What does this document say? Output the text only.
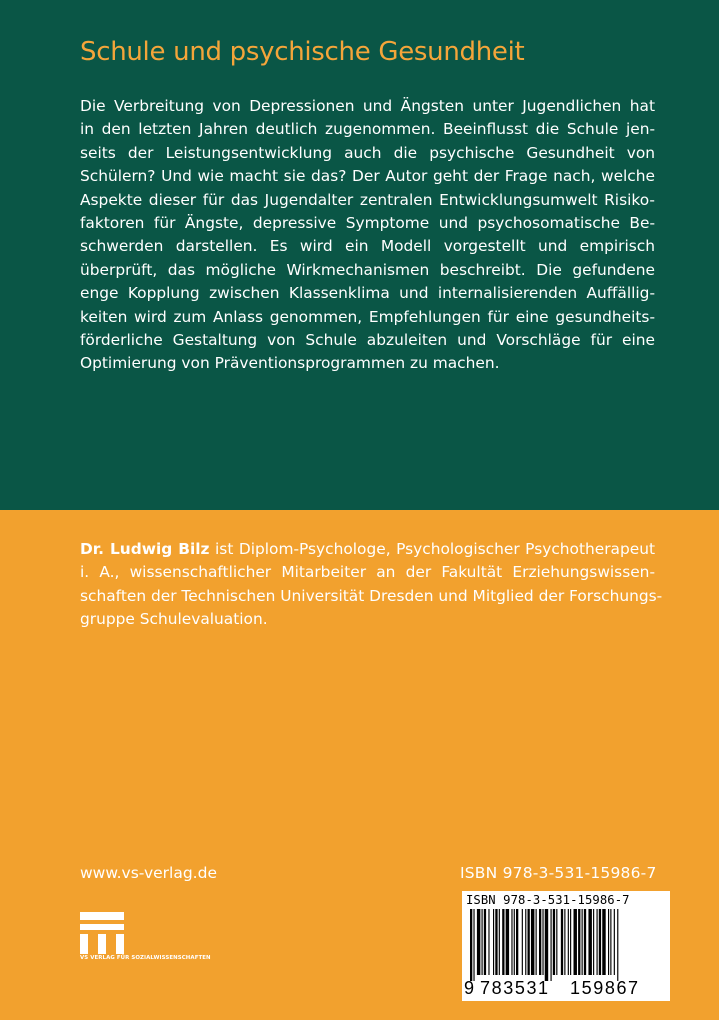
Schule und psychische Gesundheit
Die Verbreitung von Depressionen und Ängsten unter Jugendlichen hat
in den letzten Jahren deutlich zugenommen. Beeinflusst die Schule jen-
seits der Leistungsentwicklung auch die psychische Gesundheit von
Schülern? Und wie macht sie das? Der Autor geht der Frage nach, welche
Aspekte dieser für das Jugendalter zentralen Entwicklungsumwelt Risiko-
faktoren für Ängste, depressive Symptome und psychosomatische Be-
schwerden darstellen. Es wird ein Modell vorgestellt und empirisch
überprüft, das mögliche Wirkmechanismen beschreibt. Die gefundene
enge Kopplung zwischen Klassenklima und internalisierenden Auffällig-
keiten wird zum Anlass genommen, Empfehlungen für eine gesundheits-
förderliche Gestaltung von Schule abzuleiten und Vorschläge für eine
Optimierung von Präventionsprogrammen zu machen.
Dr. Ludwig Bilz ist Diplom-Psychologe, Psychologischer Psychotherapeut
i. A., wissenschaftlicher Mitarbeiter an der Fakultät Erziehungswissen-
schaften der Technischen Universität Dresden und Mitglied der Forschungs-
gruppe Schulevaluation.

www.vs-verlag.de	ISBN 978-3-531-15986-7

VS VERLAG FÜR SOZIALWISSENSCHAFTEN

ISBN 978-3-531-15986-7
9 783531 159867
